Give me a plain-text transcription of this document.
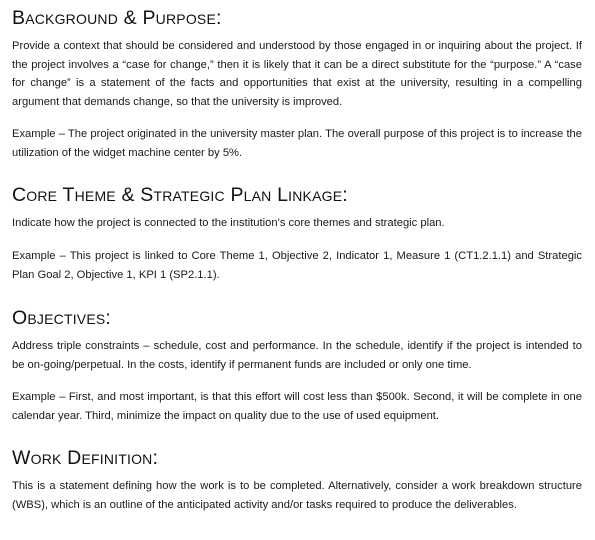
Background & Purpose:

Provide a context that should be considered and understood by those engaged in or inquiring about the project. If the project involves a “case for change,” then it is likely that it can be a direct substitute for the “purpose.” A “case for change” is a statement of the facts and opportunities that exist at the university, resulting in a compelling argument that demands change, so that the university is improved.

Example – The project originated in the university master plan. The overall purpose of this project is to increase the utilization of the widget machine center by 5%.

Core Theme & Strategic Plan Linkage:

Indicate how the project is connected to the institution’s core themes and strategic plan.

Example – This project is linked to Core Theme 1, Objective 2, Indicator 1, Measure 1 (CT1.2.1.1) and Strategic Plan Goal 2, Objective 1, KPI 1 (SP2.1.1).

Objectives:

Address triple constraints – schedule, cost and performance. In the schedule, identify if the project is intended to be on-going/perpetual. In the costs, identify if permanent funds are included or only one time.

Example – First, and most important, is that this effort will cost less than $500k. Second, it will be complete in one calendar year. Third, minimize the impact on quality due to the use of used equipment.

Work Definition:

This is a statement defining how the work is to be completed. Alternatively, consider a work breakdown structure (WBS), which is an outline of the anticipated activity and/or tasks required to produce the deliverables.
